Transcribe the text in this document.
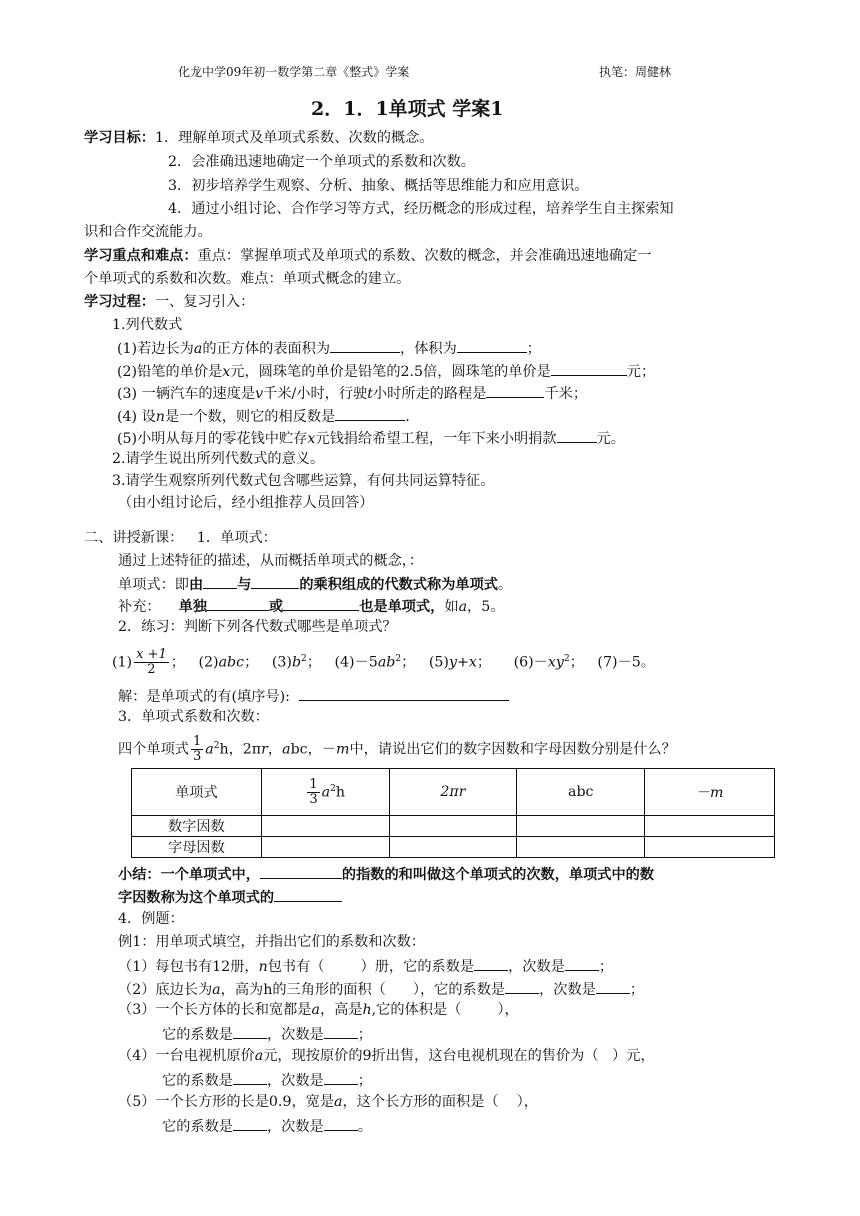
化龙中学09年初一数学第二章《整式》学案	执笔：周健林
2．1．1单项式 学案1
学习目标：1．理解单项式及单项式系数、次数的概念。
2．会准确迅速地确定一个单项式的系数和次数。
3．初步培养学生观察、分析、抽象、概括等思维能力和应用意识。
4．通过小组讨论、合作学习等方式，经历概念的形成过程，培养学生自主探索知
识和合作交流能力。
学习重点和难点：重点：掌握单项式及单项式的系数、次数的概念，并会准确迅速地确定一
个单项式的系数和次数。难点：单项式概念的建立。
学习过程：一、复习引入：
1.列代数式
(1)若边长为a的正方体的表面积为	，体积为	；
(2)铅笔的单价是x元，圆珠笔的单价是铅笔的2.5倍，圆珠笔的单价是	元；
(3) 一辆汽车的速度是v千米/小时，行驶t小时所走的路程是	千米；
(4) 设n是一个数，则它的相反数是	.
(5)小明从每月的零花钱中贮存x元钱捐给希望工程，一年下来小明捐款	元。
2.请学生说出所列代数式的意义。
3.请学生观察所列代数式包含哪些运算，有何共同运算特征。
（由小组讨论后，经小组推荐人员回答）
二、讲授新课： 1．单项式：
通过上述特征的描述，从而概括单项式的概念，：
单项式：即由 与	的乘积组成的代数式称为单项式。
补充： 单独	或	也是单项式，如a，5。
2．练习：判断下列各代数式哪些是单项式？
$(1) \frac{x +1}{2}$ ； (2)abc； $(3)b^2$； $(4)-5ab^2$； (5)y+x； $(6)-xy^2$； (7)－5。
解：是单项式的有(填序号):
3．单项式系数和次数：
四个单项式 $\frac{1}{3} a^2h$，2πr，abc，－m中，请说出它们的数字因数和字母因数分别是什么？
单项式	$\frac{1}{3} a^2h$	2πr	abc	－m
数字因数				
字母因数				
小结：一个单项式中，	的指数的和叫做这个单项式的次数，单项式中的数
字因数称为这个单项式的
4．例题：
例1：用单项式填空，并指出它们的系数和次数：
（1）每包书有12册，n包书有（	）册，它的系数是 ，次数是 ；
（2）底边长为a，高为h的三角形的面积（ ），它的系数是 ，次数是 ；
（3）一个长方体的长和宽都是a，高是h,它的体积是（	），
它的系数是 ，次数是 ；
（4）一台电视机原价a元，现按原价的9折出售，这台电视机现在的售价为（ ）元，
它的系数是 ，次数是 ；
（5）一个长方形的长是0.9，宽是a，这个长方形的面积是（ ），
它的系数是 ，次数是 。
